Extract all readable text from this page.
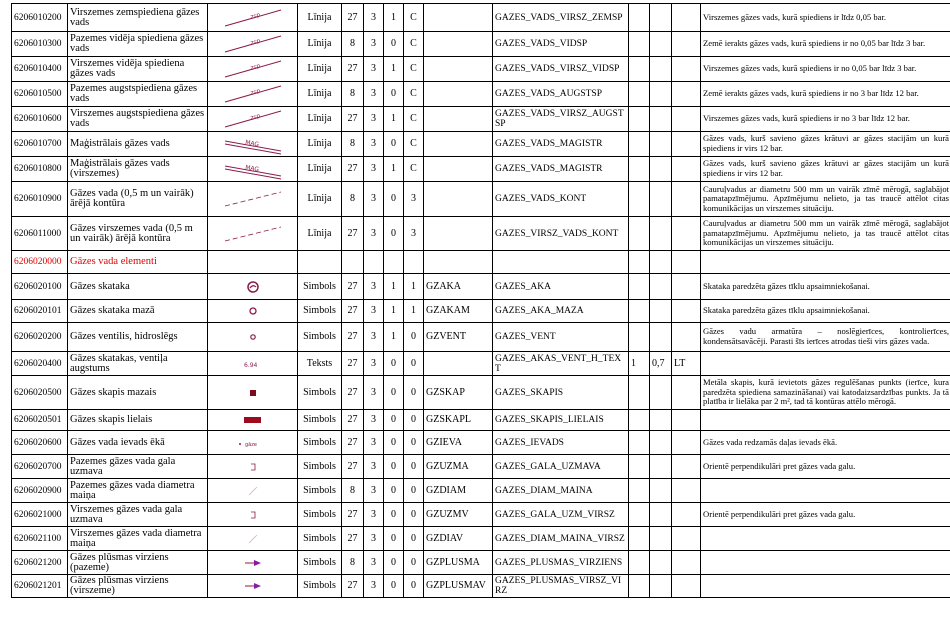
6206010200	Virszemes zemspiediena gāzes vads	zsp	Līnija	27	3	1	C		GAZES_VADS_VIRSZ_ZEMSP				Virszemes gāzes vads, kurā spiediens ir līdz 0,05 bar.
6206010300	Pazemes vidēja spiediena gāzes vads	zsp	Līnija	8	3	0	C		GAZES_VADS_VIDSP				Zemē ierakts gāzes vads, kurā spiediens ir no 0,05 bar līdz 3 bar.
6206010400	Virszemes vidēja spiediena gāzes vads	zsp	Līnija	27	3	1	C		GAZES_VADS_VIRSZ_VIDSP				Virszemes gāzes vads, kurā spiediens ir no 0,05 bar līdz 3 bar.
6206010500	Pazemes augstspiediena gāzes vads	zsp	Līnija	8	3	0	C		GAZES_VADS_AUGSTSP				Zemē ierakts gāzes vads, kurā spiediens ir no 3 bar līdz 12 bar.
6206010600	Virszemes augstspiediena gāzes vads	zsp	Līnija	27	3	1	C		GAZES_VADS_VIRSZ_AUGSTSP				Virszemes gāzes vads, kurā spiediens ir no 3 bar līdz 12 bar.
6206010700	Maģistrālais gāzes vads	MAG	Līnija	8	3	0	C		GAZES_VADS_MAGISTR				Gāzes vads, kurš savieno gāzes krātuvi ar gāzes stacijām un kurā spiediens ir virs 12 bar.
6206010800	Maģistrālais gāzes vads (virszemes)	MAG	Līnija	27	3	1	C		GAZES_VADS_MAGISTR				Gāzes vads, kurš savieno gāzes krātuvi ar gāzes stacijām un kurā spiediens ir virs 12 bar.
6206010900	Gāzes vada (0,5 m un vairāk) ārējā kontūra		Līnija	8	3	0	3		GAZES_VADS_KONT				Cauruļvadus ar diametru 500 mm un vairāk zīmē mērogā, saglabājot pamatapzīmējumu. Apzīmējumu nelieto, ja tas traucē attēlot citas komunikācijas un virszemes situāciju.
6206011000	Gāzes virszemes vada (0,5 m un vairāk) ārējā kontūra		Līnija	27	3	0	3		GAZES_VIRSZ_VADS_KONT				Cauruļvadus ar diametru 500 mm un vairāk zīmē mērogā, saglabājot pamatapzīmējumu. Apzīmējumu nelieto, ja tas traucē attēlot citas komunikācijas un virszemes situāciju.
6206020000	Gāzes vada elementi												
6206020100	Gāzes skataka		Simbols	27	3	1	1	GZAKA	GAZES_AKA				Skataka paredzēta gāzes tīklu apsaimniekošanai.
6206020101	Gāzes skataka mazā		Simbols	27	3	1	1	GZAKAM	GAZES_AKA_MAZA				Skataka paredzēta gāzes tīklu apsaimniekošanai.
6206020200	Gāzes ventilis, hidroslēgs		Simbols	27	3	1	0	GZVENT	GAZES_VENT				Gāzes vadu armatūra – noslēgierīces, kontrolierīces, kondensātsavācēji. Parasti šīs ierīces atrodas tieši virs gāzes vada.
6206020400	Gāzes skatakas, ventiļa augstums	6.94	Teksts	27	3	0	0		GAZES_AKAS_VENT_H_TEXT	1	0,7	LT	
6206020500	Gāzes skapis mazais		Simbols	27	3	0	0	GZSKAP	GAZES_SKAPIS				Metāla skapis, kurā ievietots gāzes regulēšanas punkts (ierīce, kura paredzēta spiediena samazināšanai) vai katodaizsardzības punkts. Ja tā platība ir lielāka par 2 m², tad tā kontūras attēlo mērogā.
6206020501	Gāzes skapis lielais		Simbols	27	3	0	0	GZSKAPL	GAZES_SKAPIS_LIELAIS				
6206020600	Gāzes vada ievads ēkā	gāze	Simbols	27	3	0	0	GZIEVA	GAZES_IEVADS				Gāzes vada redzamās daļas ievads ēkā.
6206020700	Pazemes gāzes vada gala uzmava		Simbols	27	3	0	0	GZUZMA	GAZES_GALA_UZMAVA				Orientē perpendikulāri pret gāzes vada galu.
6206020900	Pazemes gāzes vada diametra maiņa		Simbols	8	3	0	0	GZDIAM	GAZES_DIAM_MAINA				
6206021000	Virszemes gāzes vada gala uzmava		Simbols	27	3	0	0	GZUZMV	GAZES_GALA_UZM_VIRSZ				Orientē perpendikulāri pret gāzes vada galu.
6206021100	Virszemes gāzes vada diametra maiņa		Simbols	27	3	0	0	GZDIAV	GAZES_DIAM_MAINA_VIRSZ				
6206021200	Gāzes plūsmas virziens (pazeme)		Simbols	8	3	0	0	GZPLUSMA	GAZES_PLUSMAS_VIRZIENS				
6206021201	Gāzes plūsmas virziens (virszeme)		Simbols	27	3	0	0	GZPLUSMAV	GAZES_PLUSMAS_VIRSZ_VIRZ				
